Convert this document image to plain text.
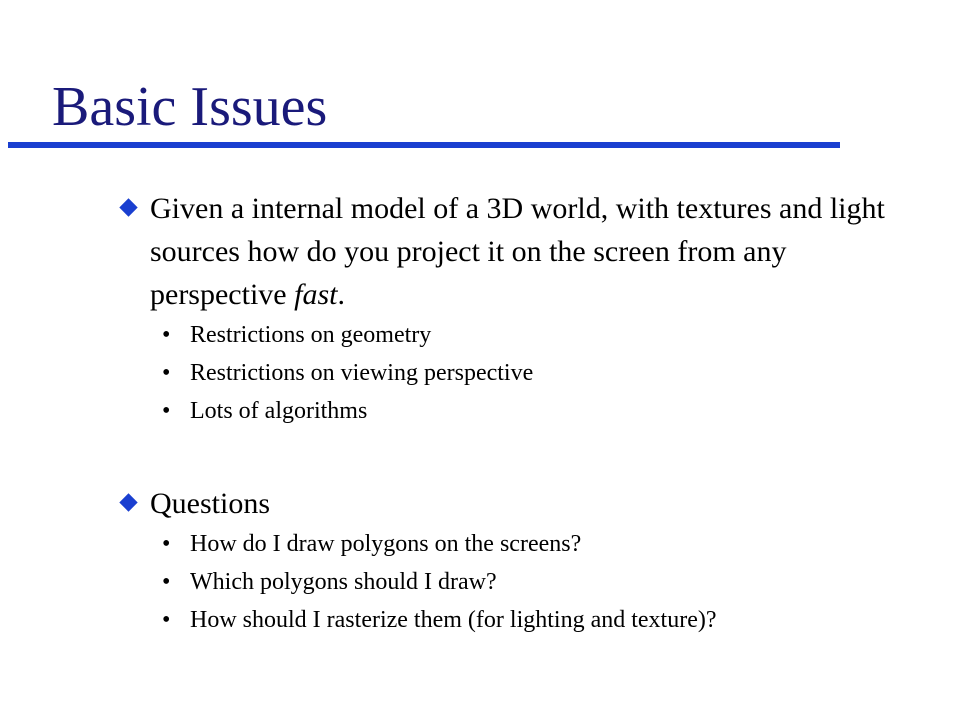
Basic Issues
Given a internal model of a 3D world, with textures and light sources how do you project it on the screen from any perspective fast.
• Restrictions on geometry
• Restrictions on viewing perspective
• Lots of algorithms
Questions
• How do I draw polygons on the screens?
• Which polygons should I draw?
• How should I rasterize them (for lighting and texture)?
